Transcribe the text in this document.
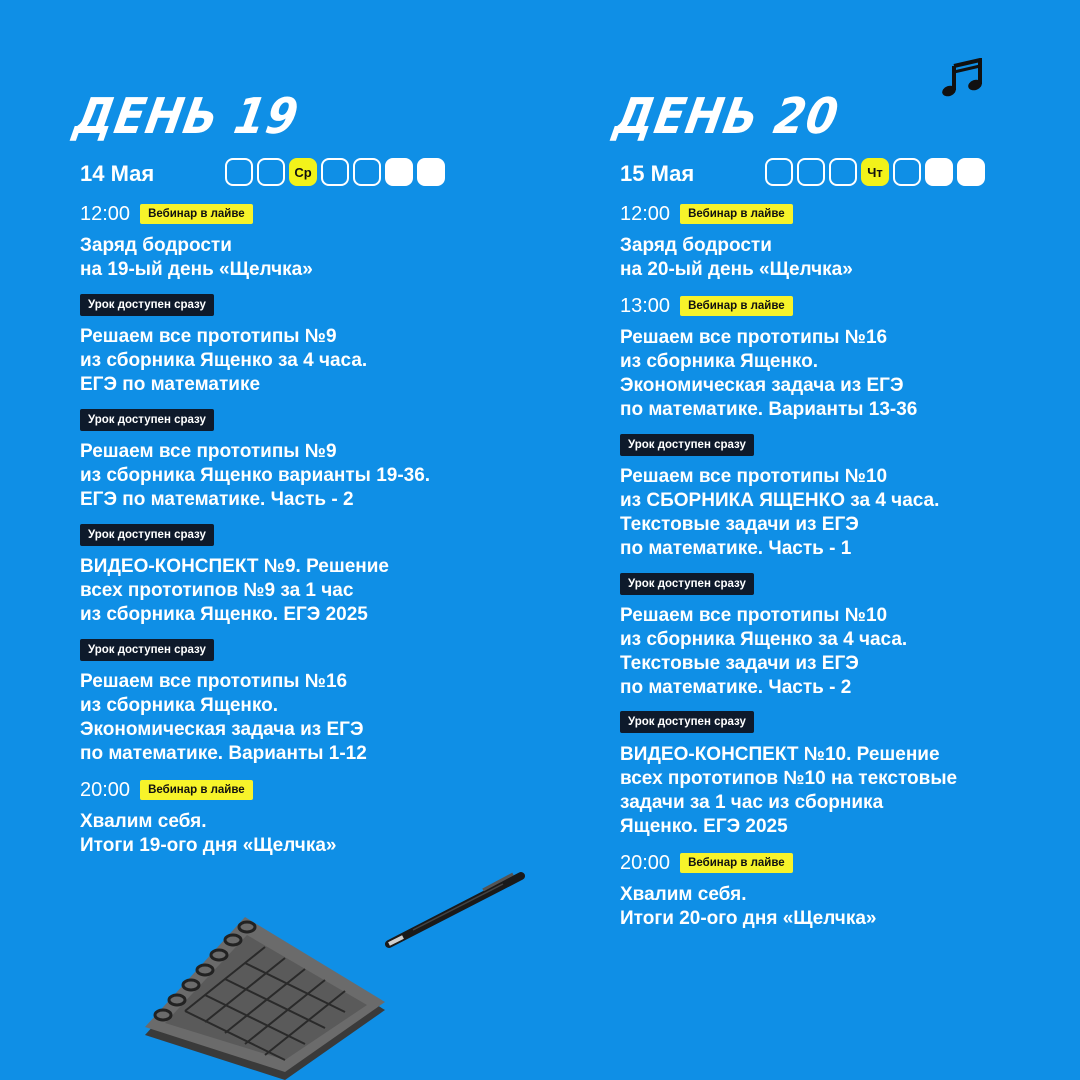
ДЕНЬ 19
14 Мая	Ср
12:00	Вебинар в лайве
Заряд бодрости
на 19-ый день «Щелчка»
Урок доступен сразу
Решаем все прототипы №9
из сборника Ященко за 4 часа.
ЕГЭ по математике
Урок доступен сразу
Решаем все прототипы №9
из сборника Ященко варианты 19-36.
ЕГЭ по математике. Часть - 2
Урок доступен сразу
ВИДЕО-КОНСПЕКТ №9. Решение
всех прототипов №9 за 1 час
из сборника Ященко. ЕГЭ 2025
Урок доступен сразу
Решаем все прототипы №16
из сборника Ященко.
Экономическая задача из ЕГЭ
по математике. Варианты 1-12
20:00	Вебинар в лайве
Хвалим себя.
Итоги 19-ого дня «Щелчка»
ДЕНЬ 20
15 Мая	Чт
12:00	Вебинар в лайве
Заряд бодрости
на 20-ый день «Щелчка»
13:00	Вебинар в лайве
Решаем все прототипы №16
из сборника Ященко.
Экономическая задача из ЕГЭ
по математике. Варианты 13-36
Урок доступен сразу
Решаем все прототипы №10
из СБОРНИКА ЯЩЕНКО за 4 часа.
Текстовые задачи из ЕГЭ
по математике. Часть - 1
Урок доступен сразу
Решаем все прототипы №10
из сборника Ященко за 4 часа.
Текстовые задачи из ЕГЭ
по математике. Часть - 2
Урок доступен сразу
ВИДЕО-КОНСПЕКТ №10. Решение
всех прототипов №10 на текстовые
задачи за 1 час из сборника
Ященко. ЕГЭ 2025
20:00	Вебинар в лайве
Хвалим себя.
Итоги 20-ого дня «Щелчка»
